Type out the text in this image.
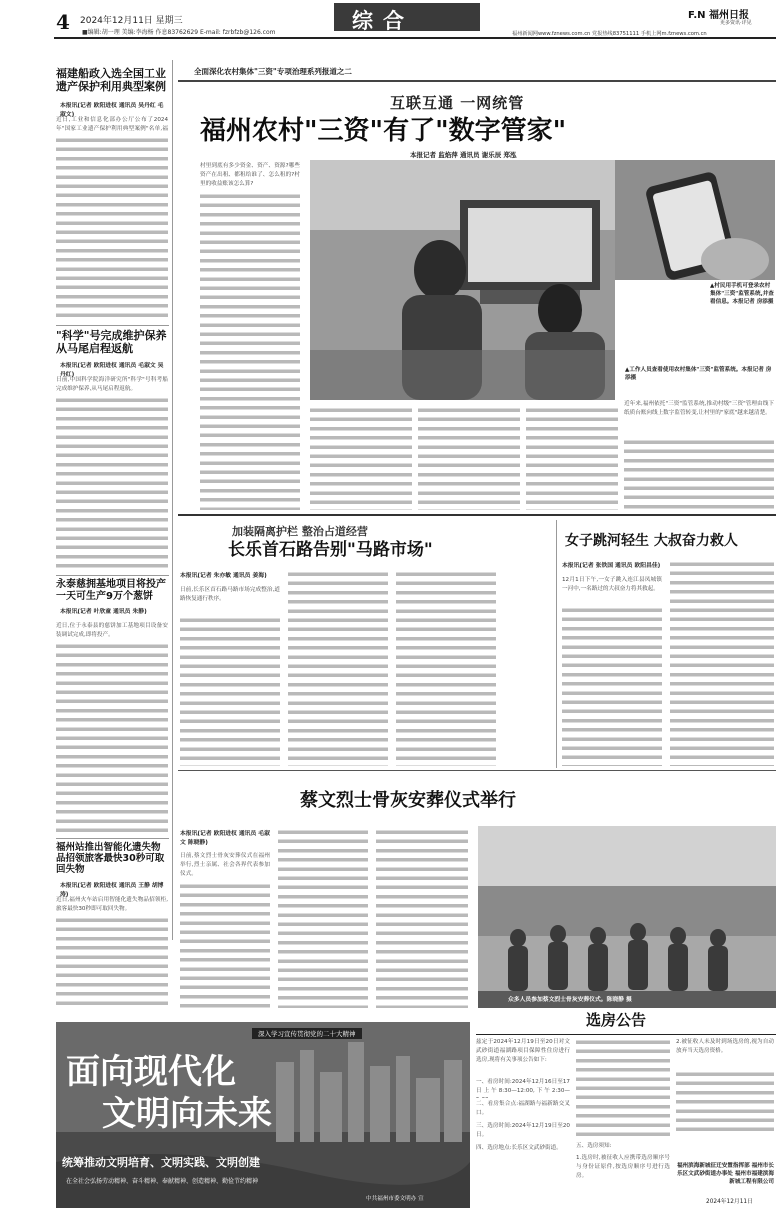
4 2024年12月11日 星期三
■编辑:胡一理 美编:李海杨 作息83762629 E-mail: fzrbfzb@126.com	综合	F.N 福州日报
更多资讯·详见
福州新闻网www.fznews.com.cn 党报热线83751111 手机上网m.fznews.com.cn
福建船政入选全国工业遗产保护利用典型案例
本报讯(记者 欧阳进权 通讯员 吴丹红 毛淑文)
近日,工业和信息化部办公厅公布了2024年"国家工业遗产保护利用典型案例"名单,福
"科学"号完成维护保养从马尾启程返航
本报讯(记者 欧阳进权 通讯员 毛淑文 吴丹红)
日前,中国科学院海洋研究所"科学"号科考船完成维护保养,从马尾启程返航。
永泰慈拥基地项目将投产一天可生产9万个葱饼
本报讯(记者 叶欣童 通讯员 朱静)
近日,位于永泰县的慈饼加工基地项目设备安装调试完成,即将投产。
福州站推出智能化遗失物品招领旅客最快30秒可取回失物
本报讯(记者 欧阳进权 通讯员 王静 胡博涛)
近日,福州火车站启用智能化遗失物品招领柜,旅客最快30秒即可取回失物。
全面深化农村集体"三资"专项治理系列报道之二
互联互通 一网统管
福州农村"三资"有了"数字管家"
本报记者 监焰萍 通讯员 谢乐辰 郑泓
▲村民用手机可登录农村集体"三资"监管系统,并查看信息。本报记者 房添摄
▲工作人员查看使用农村集体"三资"监管系统。本报记者 房添摄
村里到底有多少资金、资产、资源?哪些资产在出租、都租给谁了、怎么租的?村里的收益账该怎么算?
近年来,福州依托"三资"监管系统,推动村级"三资"管理由线下纸质台账向线上数字监管转变,让村里的"家底"越来越清楚。
加装隔离护栏 整治占道经营
长乐首石路告别"马路市场"
本报讯(记者 朱亦敏 通讯员 姜海)
日前,长乐区首石路马路市场完成整治,道路恢复通行秩序。
女子跳河轻生 大叔奋力救人
本报讯(记者 张铁国 通讯员 欧阳昌佳)
12月1日下午,一女子跳入连江县凤城镇一河中,一名路过的大叔奋力将其救起。
蔡文烈士骨灰安葬仪式举行
本报讯(记者 欧阳进权 通讯员 毛淑文 陈晓静)
日前,蔡文烈士骨灰安葬仪式在福州举行,烈士亲属、社会各界代表参加仪式。
众多人员参加蔡文烈士骨灰安葬仪式。陈晓静 摄
深入学习宣传贯彻党的二十大精神
面向现代化
文明向未来
统筹推动文明培育、文明实践、文明创建
在全社会弘扬劳动精神、奋斗精神、奉献精神、创造精神、勤俭节约精神
中共福州市委文明办 宣
选房公告
兹定于2024年12月19日至20日对文武砂街道福湖路项目保障性住房进行选房,现将有关事项公告如下:
一、看房时间:2024年12月16日至17日上午8:30—12:00,下午2:30—
二、看房集合点:福湖路与福新路交叉口。
三、选房时间:2024年12月19日至20日。
四、选房地点:长乐区文武砂街道。	五、选房须知:
1.选房时,被征收人应携带选房顺序号与身份证原件,按选房顺序号进行选房。
2.被征收人未及时到场选房的,视为自动放弃当天选房资格。
福州滨海新城征迁安置指挥部 福州市长乐区文武砂街道办事处 福州市福建滨海新城工程有限公司
2024年12月11日
